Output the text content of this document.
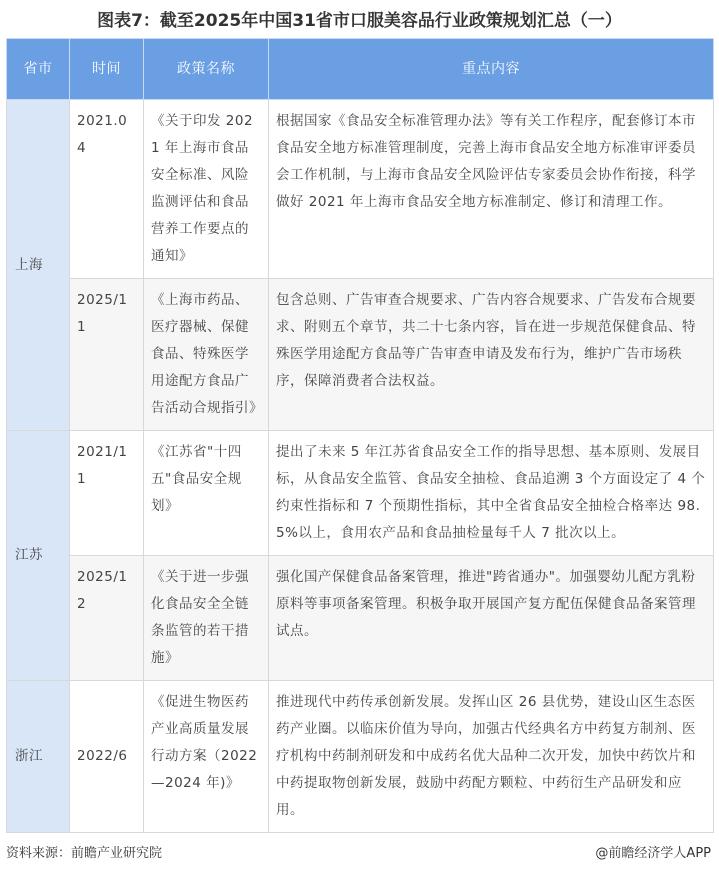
图表7：截至2025年中国31省市口服美容品行业政策规划汇总（一）
省市	时间	政策名称	重点内容
上海	2021.04	《关于印发 2021 年上海市食品安全标准、风险监测评估和食品营养工作要点的通知》	根据国家《食品安全标准管理办法》等有关工作程序，配套修订本市食品安全地方标准管理制度，完善上海市食品安全地方标准审评委员会工作机制，与上海市食品安全风险评估专家委员会协作衔接，科学做好 2021 年上海市食品安全地方标准制定、修订和清理工作。
	2025/11	《上海市药品、医疗器械、保健食品、特殊医学用途配方食品广告活动合规指引》	包含总则、广告审查合规要求、广告内容合规要求、广告发布合规要求、附则五个章节，共二十七条内容，旨在进一步规范保健食品、特殊医学用途配方食品等广告审查申请及发布行为，维护广告市场秩序，保障消费者合法权益。
江苏	2021/11	《江苏省"十四五"食品安全规划》	提出了未来 5 年江苏省食品安全工作的指导思想、基本原则、发展目标，从食品安全监管、食品安全抽检、食品追溯 3 个方面设定了 4 个约束性指标和 7 个预期性指标，其中全省食品安全抽检合格率达 98.5%以上，食用农产品和食品抽检量每千人 7 批次以上。
	2025/12	《关于进一步强化食品安全全链条监管的若干措施》	强化国产保健食品备案管理，推进"跨省通办"。加强婴幼儿配方乳粉原料等事项备案管理。积极争取开展国产复方配伍保健食品备案管理试点。
浙江	2022/6	《促进生物医药产业高质量发展行动方案（2022—2024 年)》	推进现代中药传承创新发展。发挥山区 26 县优势，建设山区生态医药产业圈。以临床价值为导向，加强古代经典名方中药复方制剂、医疗机构中药制剂研发和中成药名优大品种二次开发，加快中药饮片和中药提取物创新发展，鼓励中药配方颗粒、中药衍生产品研发和应用。
资料来源：前瞻产业研究院	@前瞻经济学人APP
